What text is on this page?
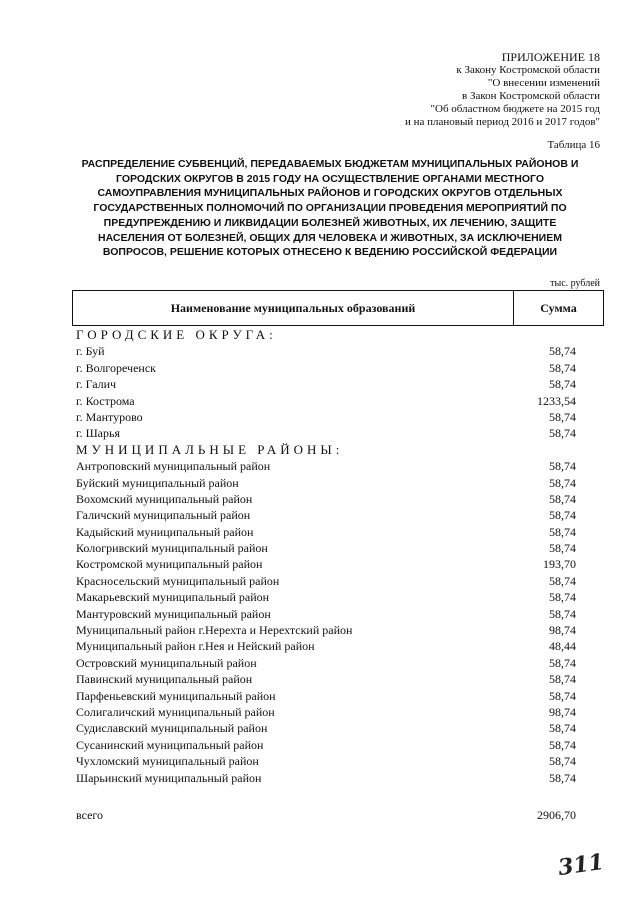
ПРИЛОЖЕНИЕ 18
к Закону Костромской области
"О внесении изменений
в Закон Костромской области
"Об областном бюджете на 2015 год
и на плановый период 2016 и 2017 годов"
Таблица 16
РАСПРЕДЕЛЕНИЕ СУБВЕНЦИЙ, ПЕРЕДАВАЕМЫХ БЮДЖЕТАМ МУНИЦИПАЛЬНЫХ РАЙОНОВ И
ГОРОДСКИХ ОКРУГОВ В 2015 ГОДУ НА ОСУЩЕСТВЛЕНИЕ ОРГАНАМИ МЕСТНОГО
САМОУПРАВЛЕНИЯ МУНИЦИПАЛЬНЫХ РАЙОНОВ И ГОРОДСКИХ ОКРУГОВ ОТДЕЛЬНЫХ
ГОСУДАРСТВЕННЫХ ПОЛНОМОЧИЙ ПО ОРГАНИЗАЦИИ ПРОВЕДЕНИЯ МЕРОПРИЯТИЙ ПО
ПРЕДУПРЕЖДЕНИЮ И ЛИКВИДАЦИИ БОЛЕЗНЕЙ ЖИВОТНЫХ, ИХ ЛЕЧЕНИЮ, ЗАЩИТЕ
НАСЕЛЕНИЯ ОТ БОЛЕЗНЕЙ, ОБЩИХ ДЛЯ ЧЕЛОВЕКА И ЖИВОТНЫХ, ЗА ИСКЛЮЧЕНИЕМ
ВОПРОСОВ, РЕШЕНИЕ КОТОРЫХ ОТНЕСЕНО К ВЕДЕНИЮ РОССИЙСКОЙ ФЕДЕРАЦИИ
тыс. рублей
Наименование муниципальных образований	Сумма
ГОРОДСКИЕ ОКРУГА:
г. Буй	58,74
г. Волгореченск	58,74
г. Галич	58,74
г. Кострома	1233,54
г. Мантурово	58,74
г. Шарья	58,74
МУНИЦИПАЛЬНЫЕ РАЙОНЫ:
Антроповский муниципальный район	58,74
Буйский муниципальный район	58,74
Вохомский муниципальный район	58,74
Галичский муниципальный район	58,74
Кадыйский муниципальный район	58,74
Кологривский муниципальный район	58,74
Костромской муниципальный район	193,70
Красносельский муниципальный район	58,74
Макарьевский муниципальный район	58,74
Мантуровский муниципальный район	58,74
Муниципальный район г.Нерехта и Нерехтский район	98,74
Муниципальный район г.Нея и Нейский район	48,44
Островский муниципальный район	58,74
Павинский муниципальный район	58,74
Парфеньевский муниципальный район	58,74
Солигаличский муниципальный район	98,74
Судиславский муниципальный район	58,74
Сусанинский муниципальный район	58,74
Чухломский муниципальный район	58,74
Шарьинский муниципальный район	58,74
всего	2906,70
311
